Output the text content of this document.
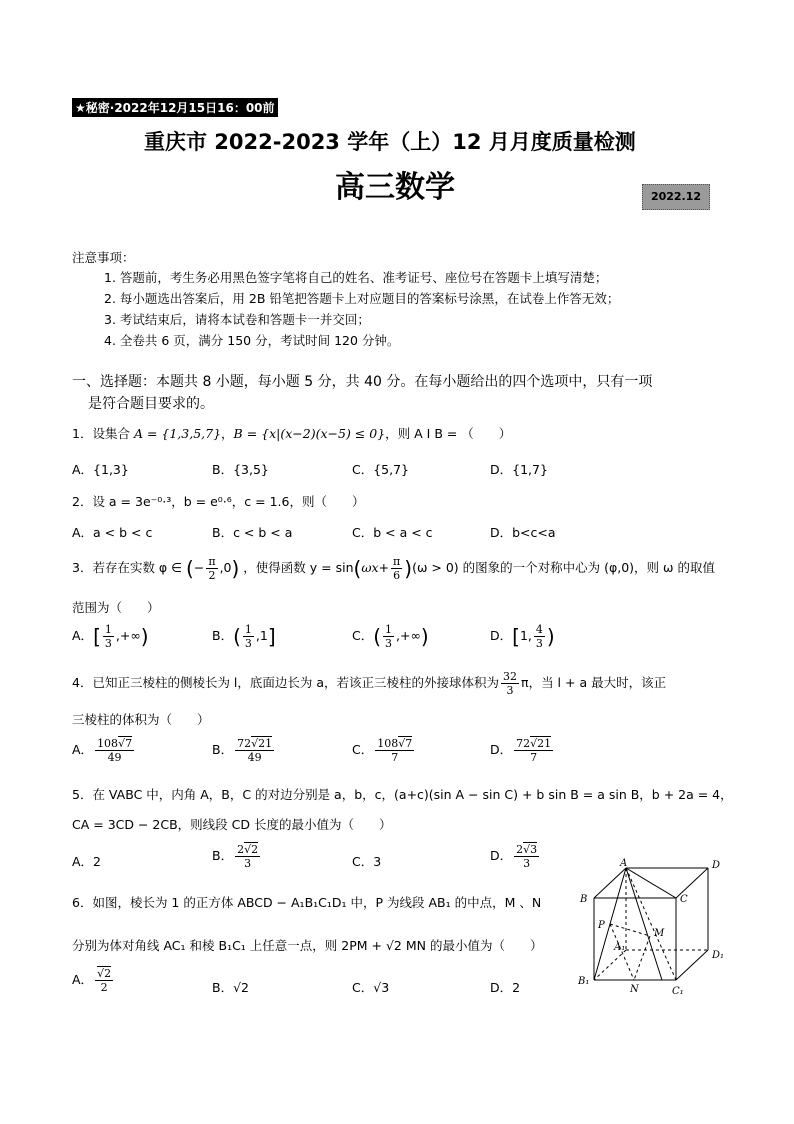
★秘密·2022年12月15日16：00前
重庆市 2022-2023 学年（上）12 月月度质量检测
高三数学	2022.12
注意事项：
1. 答题前，考生务必用黑色签字笔将自己的姓名、准考证号、座位号在答题卡上填写清楚；
2. 每小题选出答案后，用 2B 铅笔把答题卡上对应题目的答案标号涂黑，在试卷上作答无效；
3. 考试结束后，请将本试卷和答题卡一并交回；
4. 全卷共 6 页，满分 150 分，考试时间 120 分钟。
一、选择题：本题共 8 小题，每小题 5 分，共 40 分。在每小题给出的四个选项中，只有一项
是符合题目要求的。
1．设集合 A = {1,3,5,7}，B = {x|(x−2)(x−5) ≤ 0}，则 A I B = （　　）
A．{1,3}	B．{3,5}	C．{5,7}	D．{1,7}
2．设 a = 3e⁻⁰·³，b = e⁰·⁶，c = 1.6，则（　　）
A．a < b < c	B．c < b < a	C．b < a < c	D．b<c<a
3．若存在实数 φ ∈ (− $\frac{\pi}{2} ,0$) ，使得函数 $y = \sin(\omega x+ \frac{\pi}{6} )(\omega > 0)$ 的图象的一个对称中心为 (φ,0)，则 ω 的取值
范围为（　　）
A．[ $\frac{1}{3}$ ,+∞)	B．( $\frac{1}{3} ,1$]	C．( $\frac{1}{3}$ ,+∞)	D．[1, $\frac{4}{3}$ )
4．已知正三棱柱的侧棱长为 l，底面边长为 a，若该正三棱柱的外接球体积为 $\frac{32}{3}$ π，当 l + a 最大时，该正
三棱柱的体积为（　　）
A． $\frac{108√7}{49}$	B． $\frac{72√21}{49}$	C． $\frac{108√7}{7}$	D． $\frac{72√21}{7}$
5．在 VABC 中，内角 A，B，C 的对边分别是 a，b，c，(a+c)(sin A − sin C) + b sin B = a sin B，b + 2a = 4，
CA = 3CD − 2CB，则线段 CD 长度的最小值为（　　）
A．2	B． $\frac{2√2}{3}$	C．3	D． $\frac{2√3}{3}$
6．如图，棱长为 1 的正方体 ABCD − A₁B₁C₁D₁ 中，P 为线段 AB₁ 的中点，M 、N
分别为体对角线 AC₁ 和棱 B₁C₁ 上任意一点，则 2PM + √2 MN 的最小值为（　　）
A． $\frac{√2}{2}$	B．√2	C．√3	D．2
A	D
B	C
P
M
A₁
D₁
B₁
N	C₁
